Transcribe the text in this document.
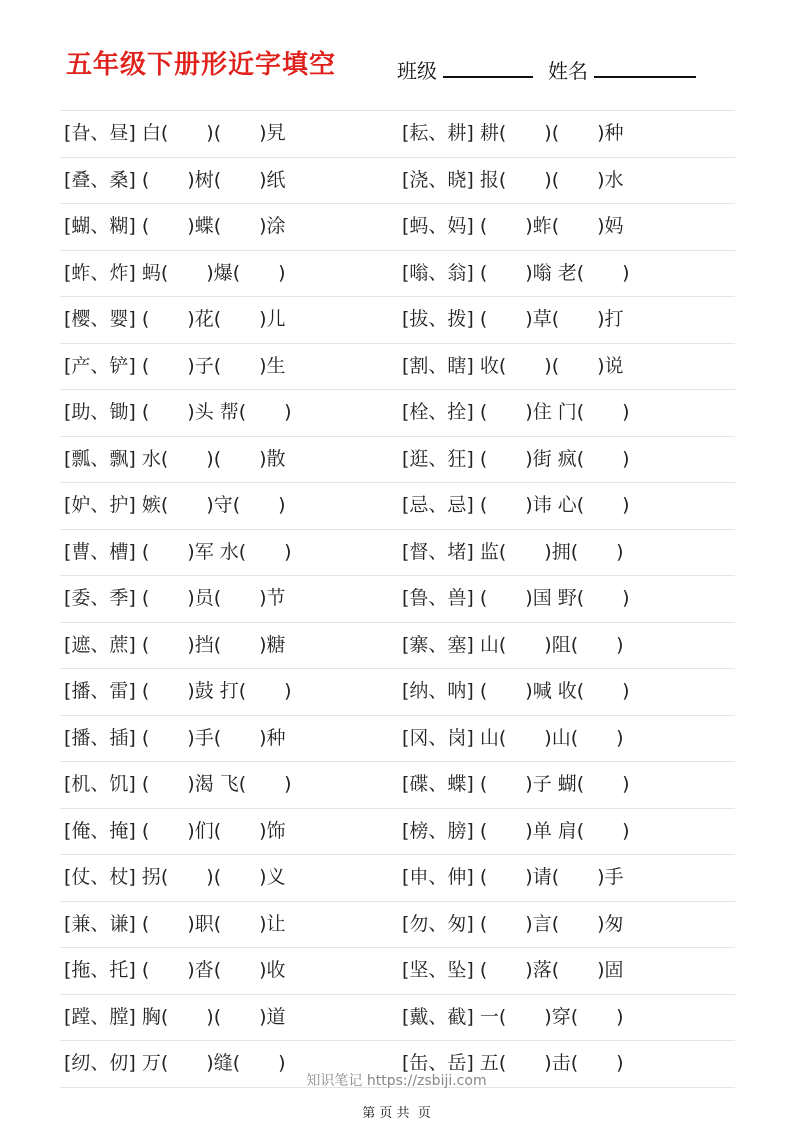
五年级下册形近字填空	班级	姓名
[旮、昼] 白(　　)(　　)旯	[耘、耕] 耕(　　)(　　)种
[叠、桑] (　　)树(　　)纸	[浇、晓] 报(　　)(　　)水
[蝴、糊] (　　)蝶(　　)涂	[蚂、妈] (　　)蚱(　　)妈
[蚱、炸] 蚂(　　)爆(　　)	[嗡、翁] (　　)嗡 老(　　)
[樱、婴] (　　)花(　　)儿	[拔、拨] (　　)草(　　)打
[产、铲] (　　)子(　　)生	[割、瞎] 收(　　)(　　)说
[助、锄] (　　)头 帮(　　)	[栓、拴] (　　)住 门(　　)
[瓢、飘] 水(　　)(　　)散	[逛、狂] (　　)街 疯(　　)
[妒、护] 嫉(　　)守(　　)	[忌、忌] (　　)讳 心(　　)
[曹、槽] (　　)军 水(　　)	[督、堵] 监(　　)拥(　　)
[委、季] (　　)员(　　)节	[鲁、兽] (　　)国 野(　　)
[遮、蔗] (　　)挡(　　)糖	[寨、塞] 山(　　)阻(　　)
[播、雷] (　　)鼓 打(　　)	[纳、呐] (　　)喊 收(　　)
[播、插] (　　)手(　　)种	[冈、岗] 山(　　)山(　　)
[机、饥] (　　)渴 飞(　　)	[碟、蝶] (　　)子 蝴(　　)
[俺、掩] (　　)们(　　)饰	[榜、膀] (　　)单 肩(　　)
[仗、杖] 拐(　　)(　　)义	[申、伸] (　　)请(　　)手
[兼、谦] (　　)职(　　)让	[勿、匆] (　　)言(　　)匆
[拖、托] (　　)沓(　　)收	[坚、坠] (　　)落(　　)固
[蹚、膛] 胸(　　)(　　)道	[戴、截] 一(　　)穿(　　)
[纫、仞] 万(　　)缝(　　)	[缶、岳] 五(　　)击(　　)
知识笔记 https://zsbiji.com
第 页 共  页
